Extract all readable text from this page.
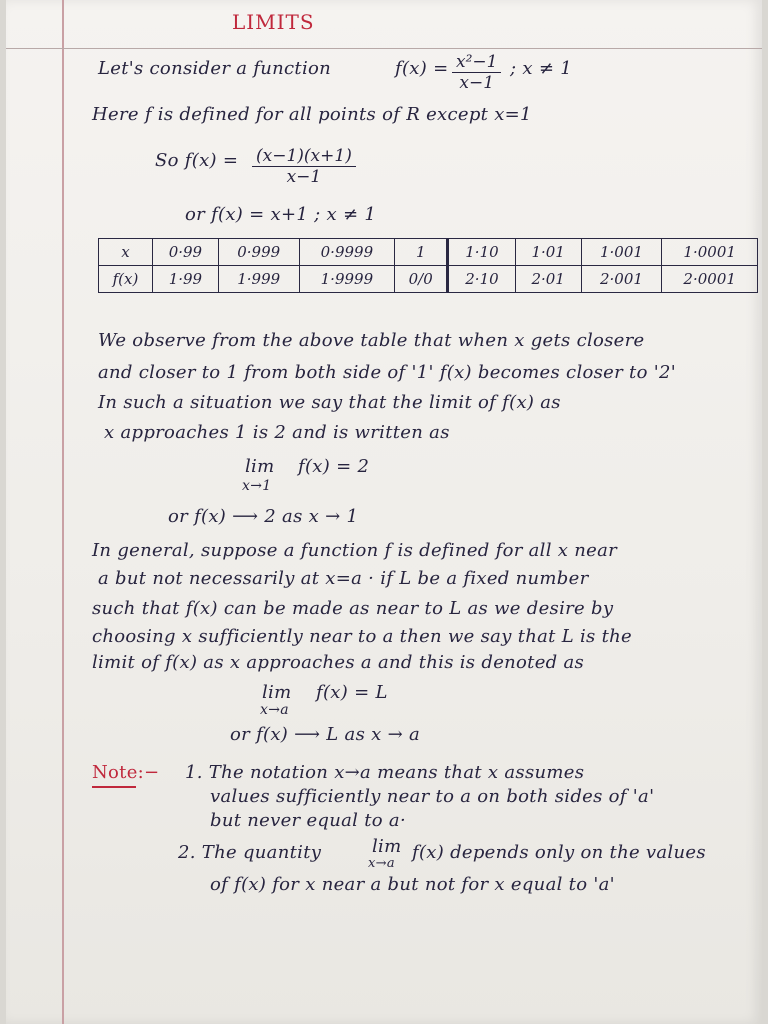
LIMITS
Let's consider a function	$f(x) = \frac{\text{x²−1}}{x-1}$ ; x ≠ 1
Here f is defined for all points of R except x=1
So $f(x) = \frac{(x-1)(x+1)}{x-1}$
or f(x) = x+1 ; x ≠ 1
x	0·99	0·999	0·9999	1	1·10	1·01	1·001	1·0001
f(x)	1·99	1·999	1·9999	0/0	2·10	2·01	2·001	2·0001
We observe from the above table that when x gets closere
and closer to 1 from both side of '1' f(x) becomes closer to '2'
In such a situation we say that the limit of f(x) as
x approaches 1 is 2 and is written as
lim f(x) = 2
x→1
or f(x) ⟶ 2 as x → 1
In general, suppose a function f is defined for all x near
a but not necessarily at x=a · if L be a fixed number
such that f(x) can be made as near to L as we desire by
choosing x sufficiently near to a then we say that L is the
limit of f(x) as x approaches a and this is denoted as
lim f(x) = L
x→a
or f(x) ⟶ L as x → a
Note:− 1. The notation x→a means that x assumes
values sufficiently near to a on both sides of 'a'
but never equal to a·
2. The quantity	lim
x→a
f(x) depends only on the values
of f(x) for x near a but not for x equal to 'a'
